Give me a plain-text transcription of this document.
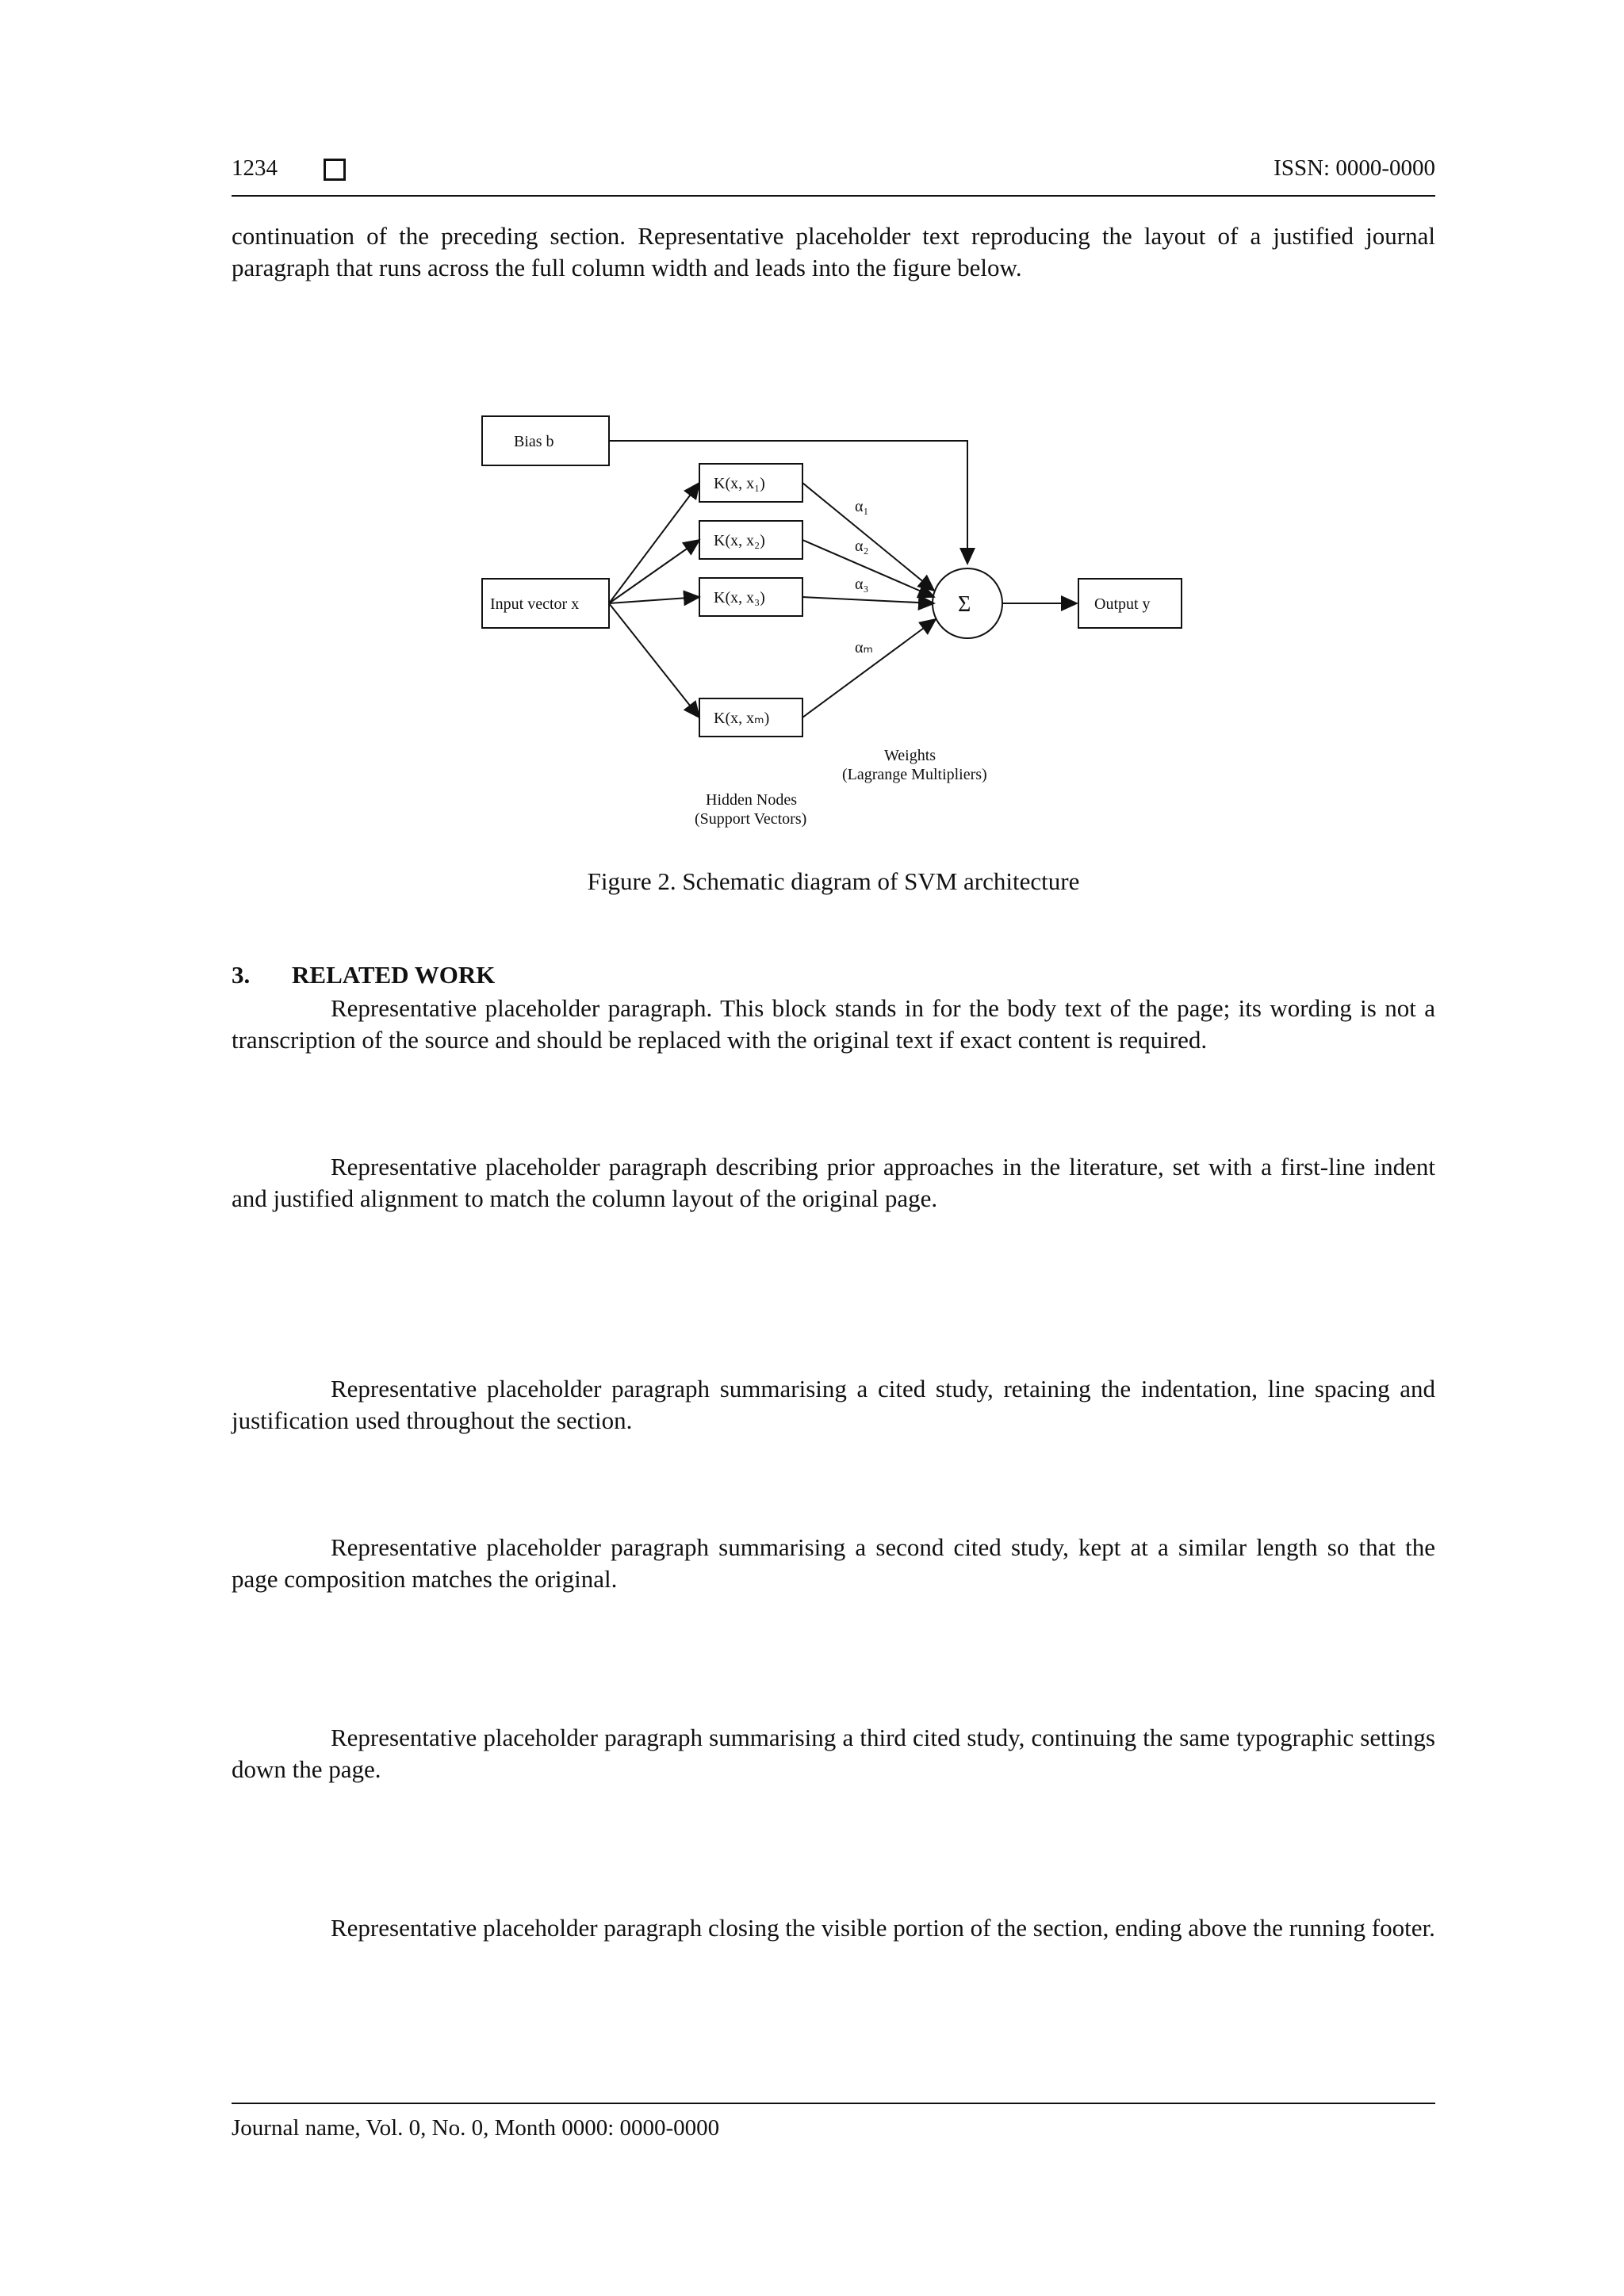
1234	ISSN: 0000-0000

continuation of the preceding section. Representative placeholder text reproducing the layout of a justified journal paragraph that runs across the full column width and leads into the figure below.

Bias b
Input vector x
K(x, x₁)
K(x, x₂)
K(x, x₃)
K(x, xₘ)
α₁
α₂
α₃
αₘ
Σ	Output y
Weights
(Lagrange Multipliers)
Hidden Nodes
(Support Vectors)
Figure 2. Schematic diagram of SVM architecture
3. RELATED WORK

Representative placeholder paragraph. This block stands in for the body text of the page; its wording is not a transcription of the source and should be replaced with the original text if exact content is required.

Representative placeholder paragraph describing prior approaches in the literature, set with a first-line indent and justified alignment to match the column layout of the original page.

Representative placeholder paragraph summarising a cited study, retaining the indentation, line spacing and justification used throughout the section.

Representative placeholder paragraph summarising a second cited study, kept at a similar length so that the page composition matches the original.

Representative placeholder paragraph summarising a third cited study, continuing the same typographic settings down the page.

Representative placeholder paragraph closing the visible portion of the section, ending above the running footer.

Journal name, Vol. 0, No. 0, Month 0000: 0000-0000
